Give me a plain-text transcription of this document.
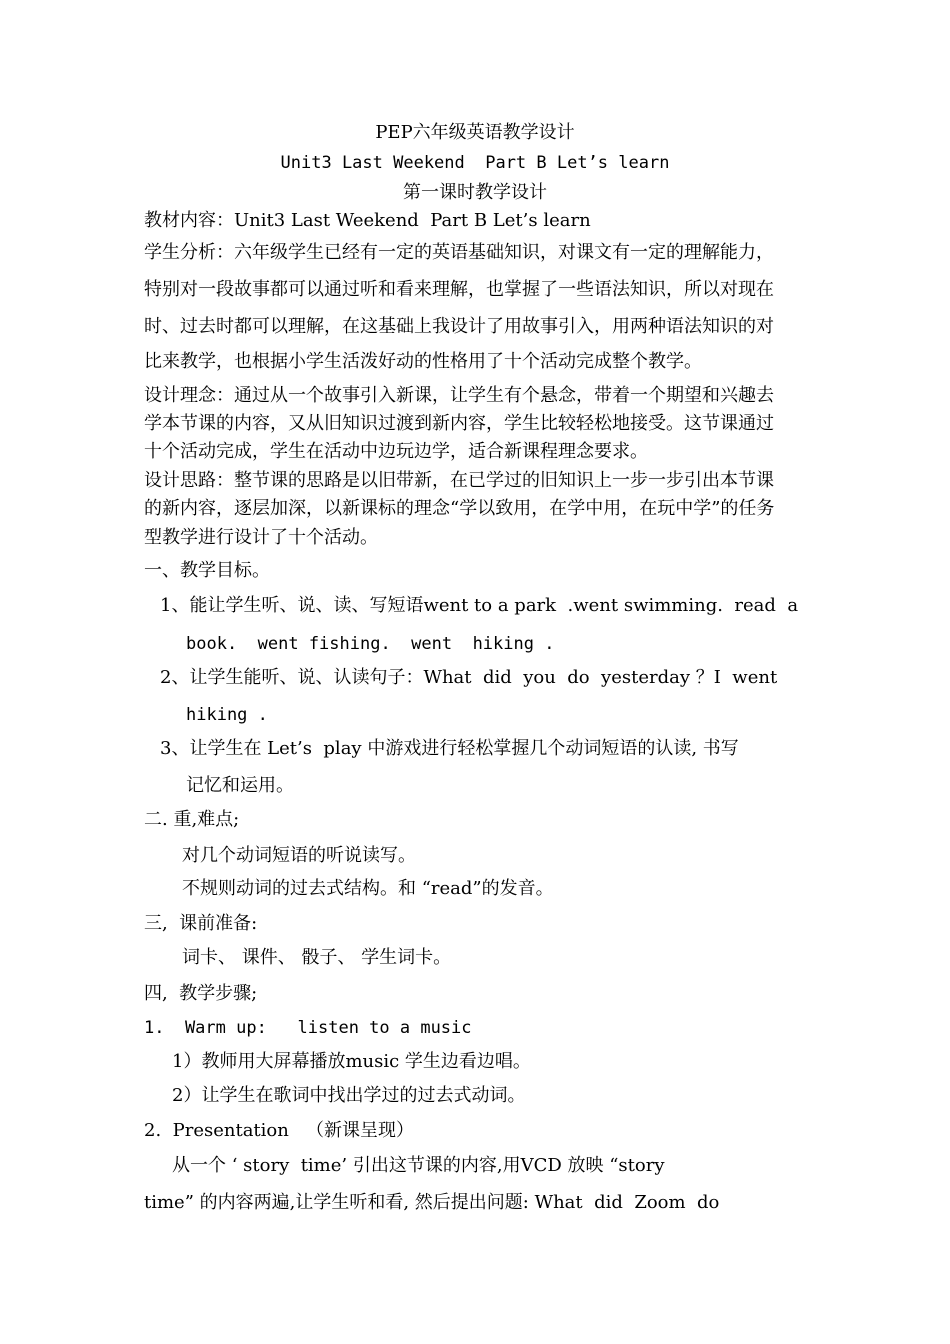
PEP六年级英语教学设计
Unit3 Last Weekend  Part B Let’s learn
第一课时教学设计
教材内容：Unit3 Last Weekend  Part B Let’s learn
学生分析：六年级学生已经有一定的英语基础知识，对课文有一定的理解能力，
特别对一段故事都可以通过听和看来理解，也掌握了一些语法知识，所以对现在
时、过去时都可以理解，在这基础上我设计了用故事引入，用两种语法知识的对
比来教学，也根据小学生活泼好动的性格用了十个活动完成整个教学。
设计理念：通过从一个故事引入新课，让学生有个悬念，带着一个期望和兴趣去
学本节课的内容，又从旧知识过渡到新内容，学生比较轻松地接受。这节课通过
十个活动完成，学生在活动中边玩边学，适合新课程理念要求。
设计思路：整节课的思路是以旧带新，在已学过的旧知识上一步一步引出本节课
的新内容，逐层加深，以新课标的理念“学以致用，在学中用，在玩中学”的任务
型教学进行设计了十个活动。
一、教学目标。
1、能让学生听、说、读、写短语went to a park  .went swimming.  read  a
book.  went fishing.  went  hiking .
2、让学生能听、说、认读句子：What  did  you  do  yesterday ？I  went
hiking .
3、让学生在 Let’s  play 中游戏进行轻松掌握几个动词短语的认读, 书写
记忆和运用。
二. 重,难点;
对几个动词短语的听说读写。
不规则动词的过去式结构。和 “read”的发音。
三,  课前准备:
词卡、 课件、 骰子、 学生词卡。
四,  教学步骤;
1.  Warm up:   listen to a music
1）教师用大屏幕播放music 学生边看边唱。
2）让学生在歌词中找出学过的过去式动词。
2.  Presentation   （新课呈现）
从一个 ‘ story  time’ 引出这节课的内容,用VCD 放映 “story
time” 的内容两遍,让学生听和看, 然后提出问题: What  did  Zoom  do
